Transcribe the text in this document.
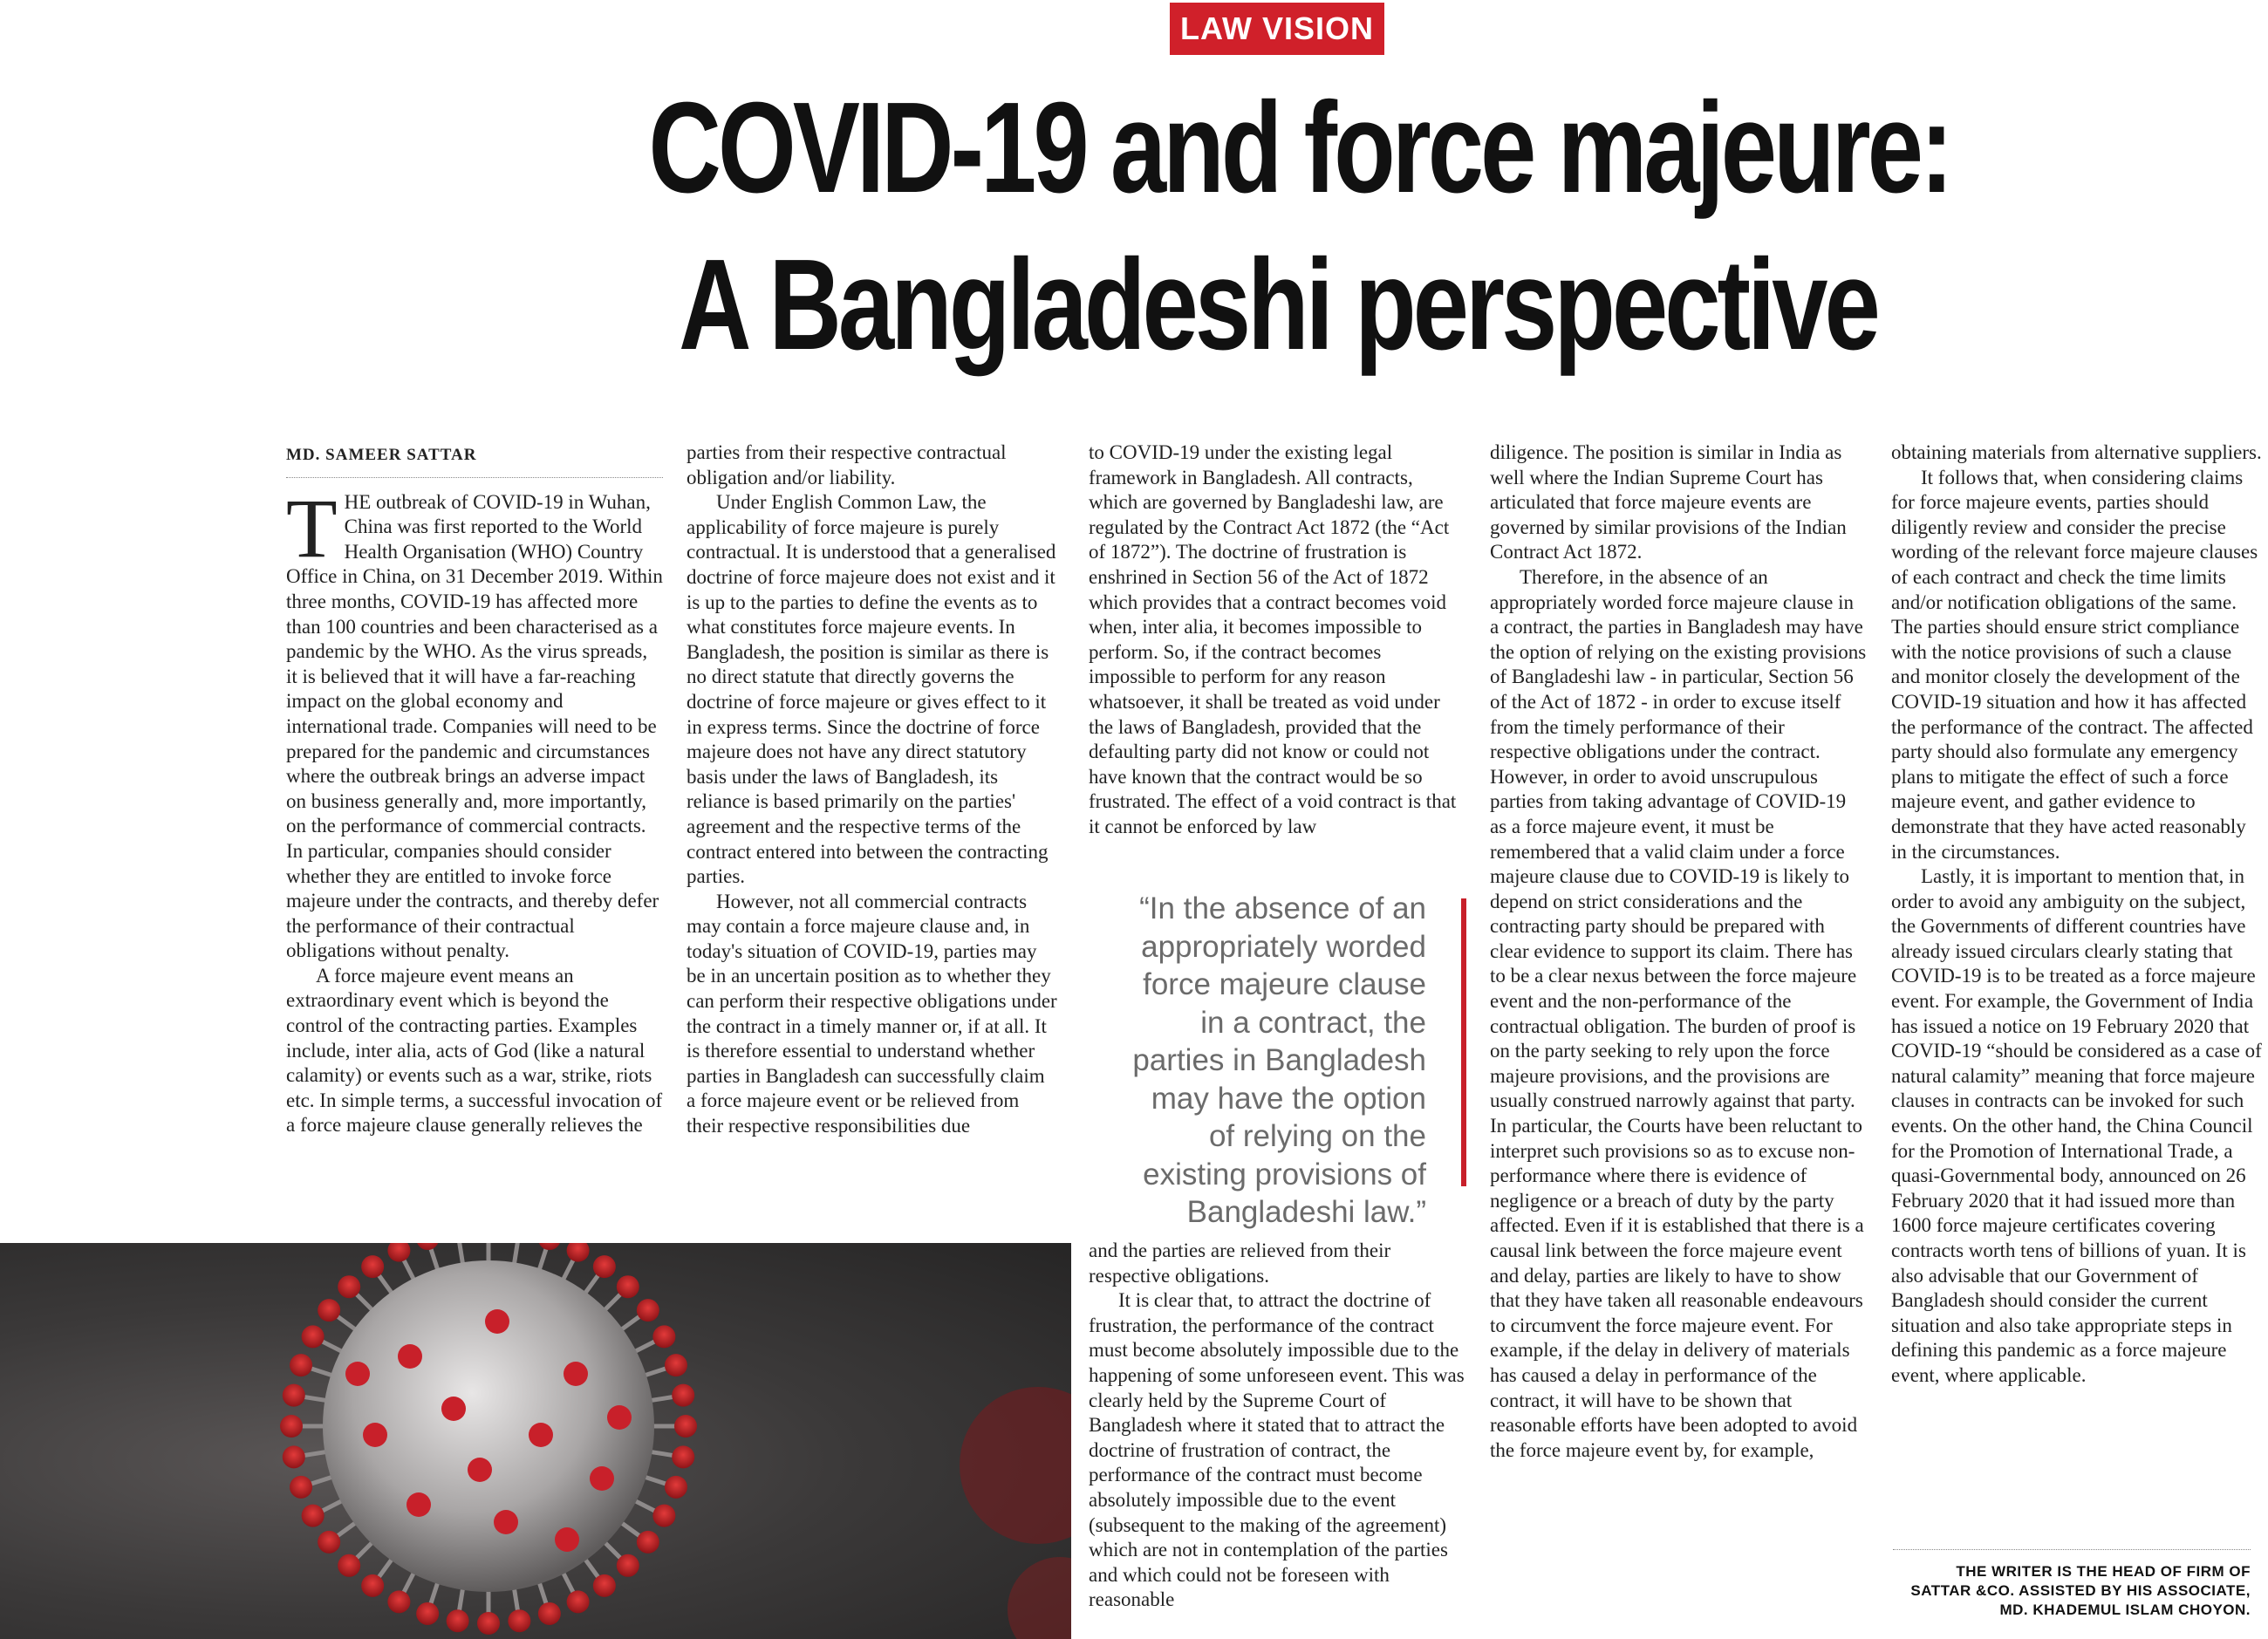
LAW VISION
COVID-19 and force majeure:
A Bangladeshi perspective
MD. SAMEER SATTAR

THE outbreak of COVID-19 in Wuhan, China was first reported to the World Health Organisation (WHO) Country Office in China, on 31 December 2019. Within three months, COVID-19 has affected more than 100 countries and been characterised as a pandemic by the WHO. As the virus spreads, it is believed that it will have a far-reaching impact on the global economy and international trade. Companies will need to be prepared for the pandemic and circumstances where the outbreak brings an adverse impact on business generally and, more importantly, on the performance of commercial contracts. In particular, companies should consider whether they are entitled to invoke force majeure under the contracts, and thereby defer the performance of their contractual obligations without penalty.

A force majeure event means an extraordinary event which is beyond the control of the contracting parties. Examples include, inter alia, acts of God (like a natural calamity) or events such as a war, strike, riots etc. In simple terms, a successful invocation of a force majeure clause generally relieves the

parties from their respective contractual obligation and/or liability.

Under English Common Law, the applicability of force majeure is purely contractual. It is understood that a generalised doctrine of force majeure does not exist and it is up to the parties to define the events as to what constitutes force majeure events. In Bangladesh, the position is similar as there is no direct statute that directly governs the doctrine of force majeure or gives effect to it in express terms. Since the doctrine of force majeure does not have any direct statutory basis under the laws of Bangladesh, its reliance is based primarily on the parties' agreement and the respective terms of the contract entered into between the contracting parties.

However, not all commercial contracts may contain a force majeure clause and, in today's situation of COVID-19, parties may be in an uncertain position as to whether they can perform their respective obligations under the contract in a timely manner or, if at all. It is therefore essential to understand whether parties in Bangladesh can successfully claim a force majeure event or be relieved from their respective responsibilities due

to COVID-19 under the existing legal framework in Bangladesh. All contracts, which are governed by Bangladeshi law, are regulated by the Contract Act 1872 (the “Act of 1872”). The doctrine of frustration is enshrined in Section 56 of the Act of 1872 which provides that a contract becomes void when, inter alia, it becomes impossible to perform. So, if the contract becomes impossible to perform for any reason whatsoever, it shall be treated as void under the laws of Bangladesh, provided that the defaulting party did not know or could not have known that the contract would be so frustrated. The effect of a void contract is that it cannot be enforced by law

“In the absence of an appropriately worded force majeure clause in a contract, the parties in Bangladesh may have the option of relying on the existing provisions of Bangladeshi law.”

and the parties are relieved from their respective obligations.

It is clear that, to attract the doctrine of frustration, the performance of the contract must become absolutely impossible due to the happening of some unforeseen event. This was clearly held by the Supreme Court of Bangladesh where it stated that to attract the doctrine of frustration of contract, the performance of the contract must become absolutely impossible due to the event (subsequent to the making of the agreement) which are not in contemplation of the parties and which could not be foreseen with reasonable

diligence. The position is similar in India as well where the Indian Supreme Court has articulated that force majeure events are governed by similar provisions of the Indian Contract Act 1872.

Therefore, in the absence of an appropriately worded force majeure clause in a contract, the parties in Bangladesh may have the option of relying on the existing provisions of Bangladeshi law - in particular, Section 56 of the Act of 1872 - in order to excuse itself from the timely performance of their respective obligations under the contract. However, in order to avoid unscrupulous parties from taking advantage of COVID-19 as a force majeure event, it must be remembered that a valid claim under a force majeure clause due to COVID-19 is likely to depend on strict considerations and the contracting party should be prepared with clear evidence to support its claim. There has to be a clear nexus between the force majeure event and the non-performance of the contractual obligation. The burden of proof is on the party seeking to rely upon the force majeure provisions, and the provisions are usually construed narrowly against that party. In particular, the Courts have been reluctant to interpret such provisions so as to excuse non-performance where there is evidence of negligence or a breach of duty by the party affected. Even if it is established that there is a causal link between the force majeure event and delay, parties are likely to have to show that they have taken all reasonable endeavours to circumvent the force majeure event. For example, if the delay in delivery of materials has caused a delay in performance of the contract, it will have to be shown that reasonable efforts have been adopted to avoid the force majeure event by, for example,

obtaining materials from alternative suppliers.

It follows that, when considering claims for force majeure events, parties should diligently review and consider the precise wording of the relevant force majeure clauses of each contract and check the time limits and/or notification obligations of the same. The parties should ensure strict compliance with the notice provisions of such a clause and monitor closely the development of the COVID-19 situation and how it has affected the performance of the contract. The affected party should also formulate any emergency plans to mitigate the effect of such a force majeure event, and gather evidence to demonstrate that they have acted reasonably in the circumstances.

Lastly, it is important to mention that, in order to avoid any ambiguity on the subject, the Governments of different countries have already issued circulars clearly stating that COVID-19 is to be treated as a force majeure event. For example, the Government of India has issued a notice on 19 February 2020 that COVID-19 “should be considered as a case of natural calamity” meaning that force majeure clauses in contracts can be invoked for such events. On the other hand, the China Council for the Promotion of International Trade, a quasi-Governmental body, announced on 26 February 2020 that it had issued more than 1600 force majeure certificates covering contracts worth tens of billions of yuan. It is also advisable that our Government of Bangladesh should consider the current situation and also take appropriate steps in defining this pandemic as a force majeure event, where applicable.

THE WRITER IS THE HEAD OF FIRM OF SATTAR &CO. ASSISTED BY HIS ASSOCIATE, MD. KHADEMUL ISLAM CHOYON.
